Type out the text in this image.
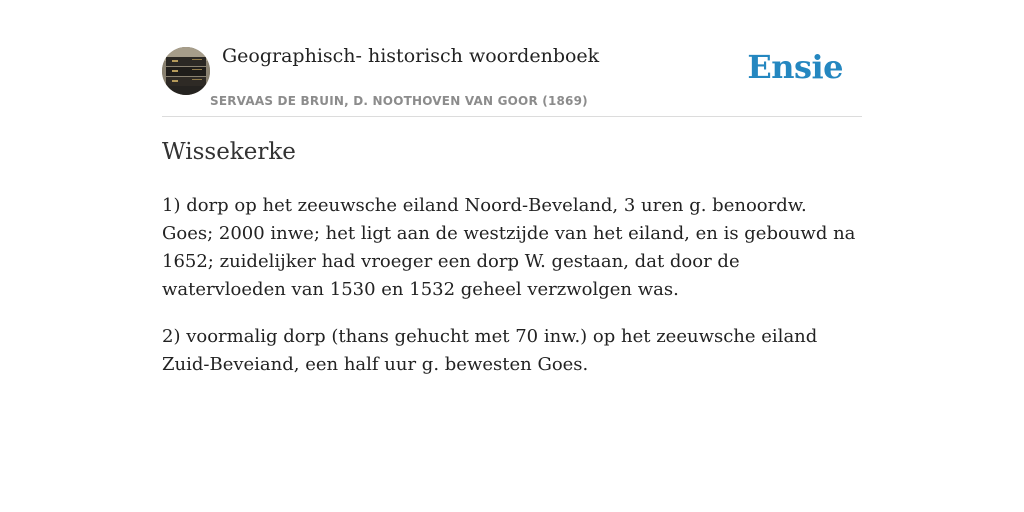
Geographisch- historisch woordenboek
SERVAAS DE BRUIN, D. NOOTHOVEN VAN GOOR (1869)
Ensie
Wissekerke

1) dorp op het zeeuwsche eiland Noord-Beveland, 3 uren g. benoordw. Goes; 2000 inwe; het ligt aan de westzijde van het eiland, en is gebouwd na 1652; zuidelijker had vroeger een dorp W. gestaan, dat door de watervloeden van 1530 en 1532 geheel verzwolgen was.

2) voormalig dorp (thans gehucht met 70 inw.) op het zeeuwsche eiland Zuid-Beveiand, een half uur g. bewesten Goes.
